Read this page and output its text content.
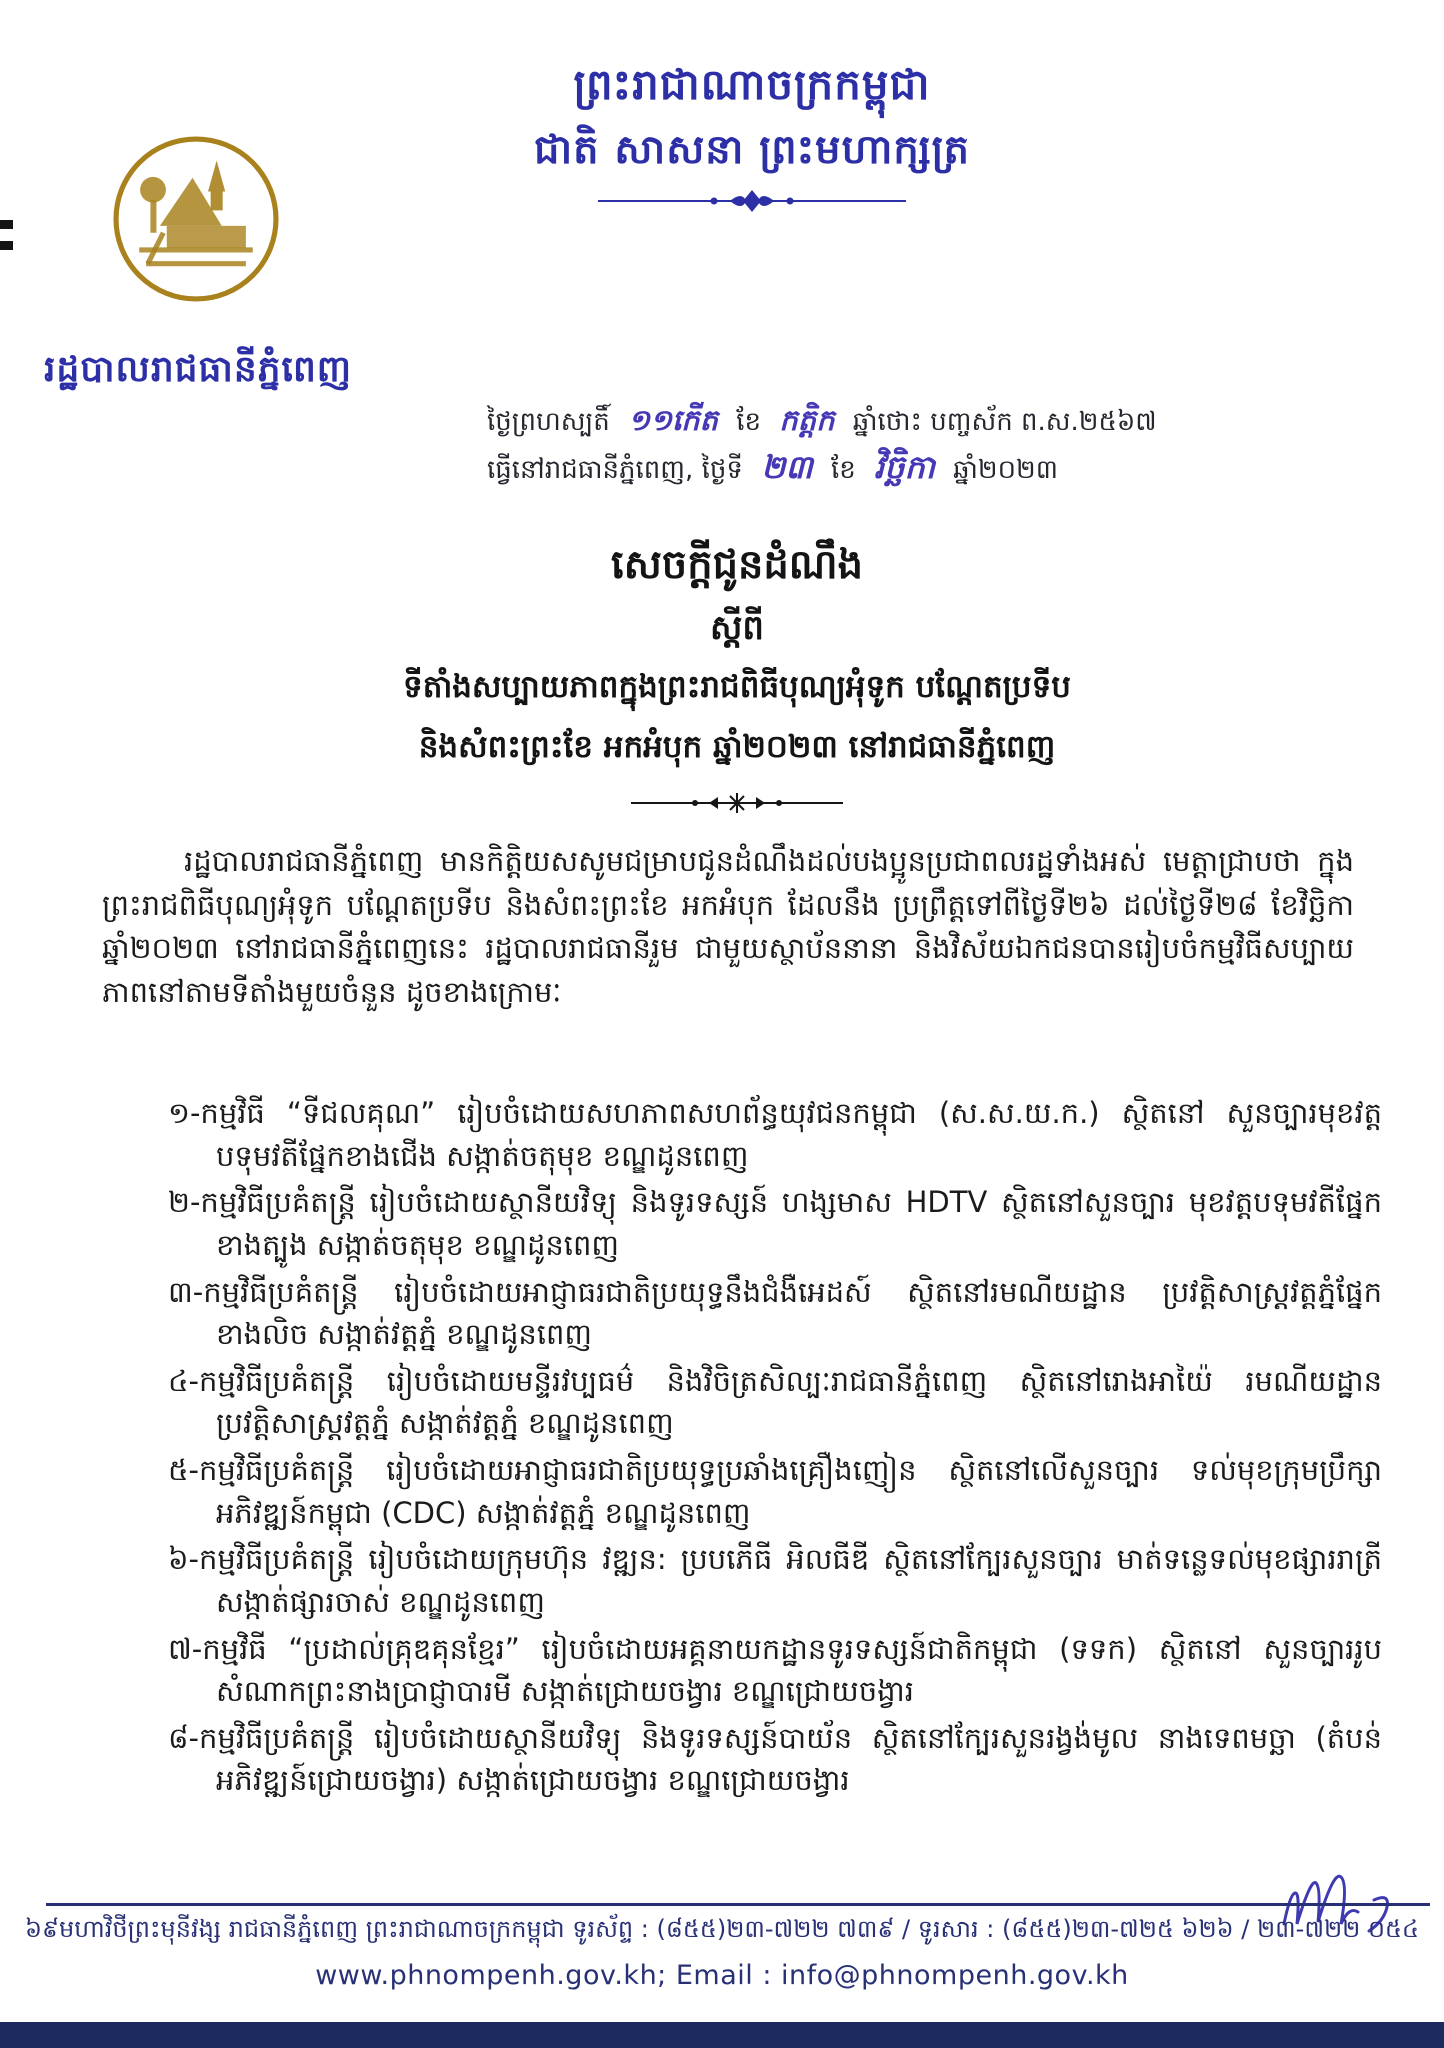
ព្រះរាជាណាចក្រកម្ពុជា
ជាតិ សាសនា ព្រះមហាក្សត្រ
រដ្ឋបាលរាជធានីភ្នំពេញ
ថ្ងៃព្រហស្បតិ៍ ១១កើត ខែ កត្តិក ឆ្នាំថោះ បញ្ចស័ក ព.ស.២៥៦៧
ធ្វើនៅរាជធានីភ្នំពេញ, ថ្ងៃទី ២៣ ខែ វិច្ឆិកា ឆ្នាំ២០២៣
សេចក្តីជូនដំណឹង
ស្តីពី
ទីតាំងសប្បាយភាពក្នុងព្រះរាជពិធីបុណ្យអុំទូក បណ្តែតប្រទីប
និងសំពះព្រះខែ អកអំបុក ឆ្នាំ២០២៣ នៅរាជធានីភ្នំពេញ
រដ្ឋបាលរាជធានីភ្នំពេញ មានកិត្តិយសសូមជម្រាបជូនដំណឹងដល់បងប្អូនប្រជាពលរដ្ឋទាំងអស់ មេត្តាជ្រាបថា ក្នុងព្រះរាជពិធីបុណ្យអុំទូក បណ្តែតប្រទីប និងសំពះព្រះខែ អកអំបុក ដែលនឹង ប្រព្រឹត្តទៅពីថ្ងៃទី២៦ ដល់ថ្ងៃទី២៨ ខែវិច្ឆិកា ឆ្នាំ២០២៣ នៅរាជធានីភ្នំពេញនេះ រដ្ឋបាលរាជធានីរួម ជាមួយស្ថាប័ននានា និងវិស័យឯកជនបានរៀបចំកម្មវិធីសប្បាយភាពនៅតាមទីតាំងមួយចំនួន ដូចខាងក្រោមៈ
១-កម្មវិធី “ទីជលគុណ” រៀបចំដោយសហភាពសហព័ន្ធយុវជនកម្ពុជា (ស.ស.យ.ក.) ស្ថិតនៅ សួនច្បារមុខវត្តបទុមវតីផ្នែកខាងជើង សង្កាត់ចតុមុខ ខណ្ឌដូនពេញ
២-កម្មវិធីប្រគំតន្ត្រី រៀបចំដោយស្ថានីយវិទ្យុ និងទូរទស្សន៍ ហង្សមាស HDTV ស្ថិតនៅសួនច្បារ មុខវត្តបទុមវតីផ្នែកខាងត្បូង សង្កាត់ចតុមុខ ខណ្ឌដូនពេញ
៣-កម្មវិធីប្រគំតន្ត្រី រៀបចំដោយអាជ្ញាធរជាតិប្រយុទ្ធនឹងជំងឺអេដស៍ ស្ថិតនៅរមណីយដ្ឋាន ប្រវត្តិសាស្ត្រវត្តភ្នំផ្នែកខាងលិច សង្កាត់វត្តភ្នំ ខណ្ឌដូនពេញ
៤-កម្មវិធីប្រគំតន្ត្រី រៀបចំដោយមន្ទីរវប្បធម៌ និងវិចិត្រសិល្បៈរាជធានីភ្នំពេញ ស្ថិតនៅរោងអាយ៉ៃ រមណីយដ្ឋានប្រវត្តិសាស្ត្រវត្តភ្នំ សង្កាត់វត្តភ្នំ ខណ្ឌដូនពេញ
៥-កម្មវិធីប្រគំតន្ត្រី រៀបចំដោយអាជ្ញាធរជាតិប្រយុទ្ធប្រឆាំងគ្រឿងញៀន ស្ថិតនៅលើសួនច្បារ ទល់មុខក្រុមប្រឹក្សាអភិវឌ្ឍន៍កម្ពុជា (CDC) សង្កាត់វត្តភ្នំ ខណ្ឌដូនពេញ
៦-កម្មវិធីប្រគំតន្ត្រី រៀបចំដោយក្រុមហ៊ុន វឌ្ឍន: ប្របភើធី អិលធីឌី ស្ថិតនៅក្បែរសួនច្បារ មាត់ទន្លេទល់មុខផ្សាររាត្រី សង្កាត់ផ្សារចាស់ ខណ្ឌដូនពេញ
៧-កម្មវិធី “ប្រដាល់គ្រុឌគុនខ្មែរ” រៀបចំដោយអគ្គនាយកដ្ឋានទូរទស្សន៍ជាតិកម្ពុជា (ទទក) ស្ថិតនៅ សួនច្បាររូបសំណាកព្រះនាងប្រាជ្ញាបារមី សង្កាត់ជ្រោយចង្វារ ខណ្ឌជ្រោយចង្វារ
៨-កម្មវិធីប្រគំតន្ត្រី រៀបចំដោយស្ថានីយវិទ្យុ និងទូរទស្សន៍បាយ័ន ស្ថិតនៅក្បែរសួនរង្វង់មូល នាងទេពមច្ឆា (តំបន់អភិវឌ្ឍន៍ជ្រោយចង្វារ) សង្កាត់ជ្រោយចង្វារ ខណ្ឌជ្រោយចង្វារ
៦៩មហាវិថីព្រះមុនីវង្ស រាជធានីភ្នំពេញ ព្រះរាជាណាចក្រកម្ពុជា ទូរស័ព្ទ : (៨៥៥)២៣-៧២២ ៧៣៩ / ទូរសារ : (៨៥៥)២៣-៧២៥ ៦២៦ / ២៣-៧២២ ០៥៤
www.phnompenh.gov.kh; Email : info@phnompenh.gov.kh
